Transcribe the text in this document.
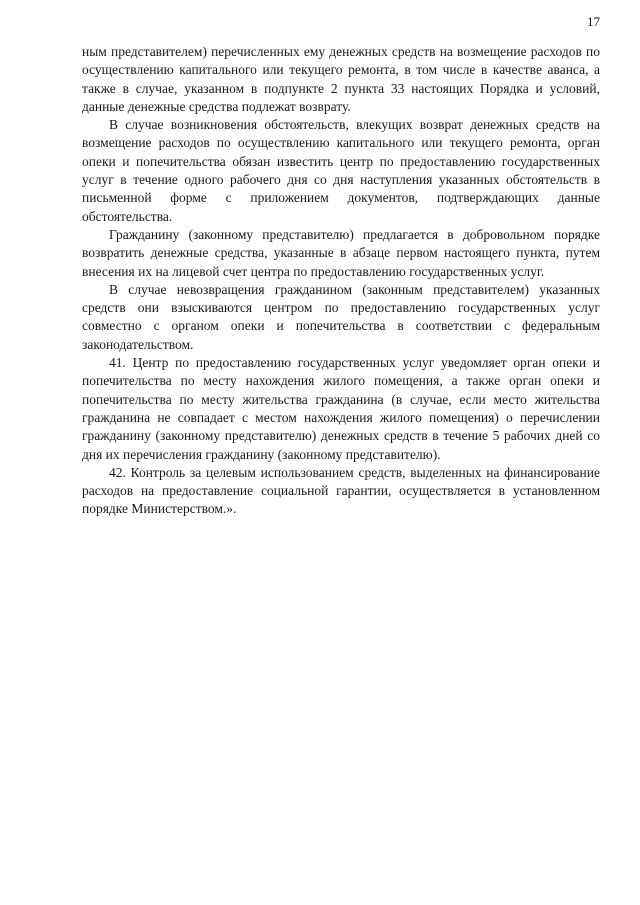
17

ным представителем) перечисленных ему денежных средств на возмещение расходов по осуществлению капитального или текущего ремонта, в том числе в качестве аванса, а также в случае, указанном в подпункте 2 пункта 33 настоящих Порядка и условий, данные денежные средства подлежат возврату.

В случае возникновения обстоятельств, влекущих возврат денежных средств на возмещение расходов по осуществлению капитального или текущего ремонта, орган опеки и попечительства обязан известить центр по предоставлению государственных услуг в течение одного рабочего дня со дня наступления указанных обстоятельств в письменной форме с приложением документов, подтверждающих данные обстоятельства.

Гражданину (законному представителю) предлагается в добровольном порядке возвратить денежные средства, указанные в абзаце первом настоящего пункта, путем внесения их на лицевой счет центра по предоставлению государственных услуг.

В случае невозвращения гражданином (законным представителем) указанных средств они взыскиваются центром по предоставлению государственных услуг совместно с органом опеки и попечительства в соответствии с федеральным законодательством.

41. Центр по предоставлению государственных услуг уведомляет орган опеки и попечительства по месту нахождения жилого помещения, а также орган опеки и попечительства по месту жительства гражданина (в случае, если место жительства гражданина не совпадает с местом нахождения жилого помещения) о перечислении гражданину (законному представителю) денежных средств в течение 5 рабочих дней со дня их перечисления гражданину (законному представителю).

42. Контроль за целевым использованием средств, выделенных на финансирование расходов на предоставление социальной гарантии, осуществляется в установленном порядке Министерством.».
